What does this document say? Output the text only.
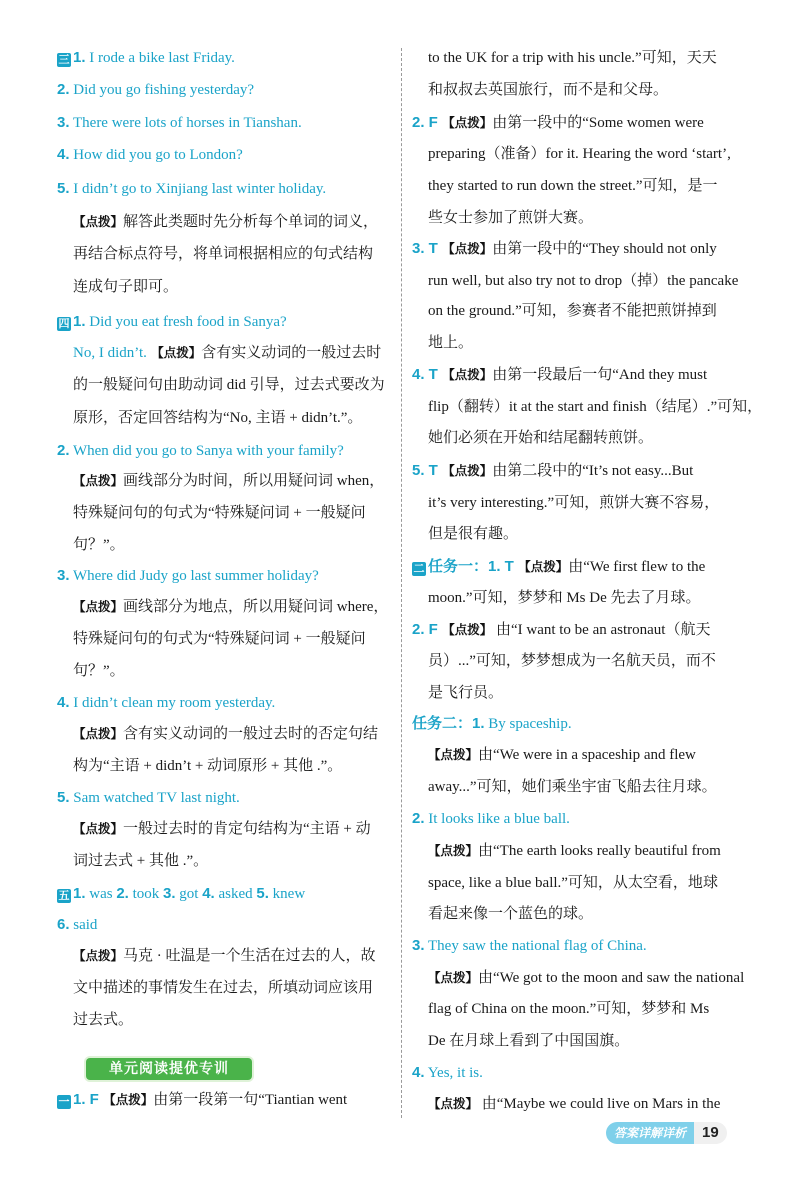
三 1. I rode a bike last Friday.
2. Did you go fishing yesterday?
3. There were lots of horses in Tianshan.
4. How did you go to London?
5. I didn’t go to Xinjiang last winter holiday.
【点拨】解答此类题时先分析每个单词的词义，
再结合标点符号，将单词根据相应的句式结构
连成句子即可。
四 1. Did you eat fresh food in Sanya?
No, I didn’t. 【点拨】含有实义动词的一般过去时
的一般疑问句由助动词 did 引导，过去式要改为
原形，否定回答结构为“No, 主语 + didn’t.”。
2. When did you go to Sanya with your family?
【点拨】画线部分为时间，所以用疑问词 when，
特殊疑问句的句式为“特殊疑问词 + 一般疑问
句？”。
3. Where did Judy go last summer holiday?
【点拨】画线部分为地点，所以用疑问词 where，
特殊疑问句的句式为“特殊疑问词 + 一般疑问
句？”。
4. I didn’t clean my room yesterday.
【点拨】含有实义动词的一般过去时的否定句结
构为“主语 + didn’t + 动词原形 + 其他 .”。
5. Sam watched TV last night.
【点拨】一般过去时的肯定句结构为“主语 + 动
词过去式 + 其他 .”。
五 1. was 2. took 3. got 4. asked 5. knew
6. said
【点拨】马克 · 吐温是一个生活在过去的人，故
文中描述的事情发生在过去，所填动词应该用
过去式。
一 1. F 【点拨】由第一段第一句“Tiantian went
to the UK for a trip with his uncle.”可知，天天
和叔叔去英国旅行，而不是和父母。
2. F 【点拨】由第一段中的“Some women were
preparing（准备）for it. Hearing the word ‘start’,
they started to run down the street.”可知，是一
些女士参加了煎饼大赛。
3. T 【点拨】由第一段中的“They should not only
run well, but also try not to drop（掉）the pancake
on the ground.”可知，参赛者不能把煎饼掉到
地上。
4. T 【点拨】由第一段最后一句“And they must
flip（翻转）it at the start and finish（结尾）.”可知，
她们必须在开始和结尾翻转煎饼。
5. T 【点拨】由第二段中的“It’s not easy...But
it’s very interesting.”可知，煎饼大赛不容易，
但是很有趣。
二 任务一：1. T 【点拨】由“We first flew to the
moon.”可知，梦梦和 Ms De 先去了月球。
2. F 【点拨】 由“I want to be an astronaut（航天
员）...”可知，梦梦想成为一名航天员，而不
是飞行员。
任务二：1. By spaceship.
【点拨】由“We were in a spaceship and flew
away...”可知，她们乘坐宇宙飞船去往月球。
2. It looks like a blue ball.
【点拨】由“The earth looks really beautiful from
space, like a blue ball.”可知，从太空看，地球
看起来像一个蓝色的球。
3. They saw the national flag of China.
【点拨】由“We got to the moon and saw the national
flag of China on the moon.”可知，梦梦和 Ms
De 在月球上看到了中国国旗。
4. Yes, it is.
【点拨】 由“Maybe we could live on Mars in the
单元阅读提优专训
答案详解详析 19
